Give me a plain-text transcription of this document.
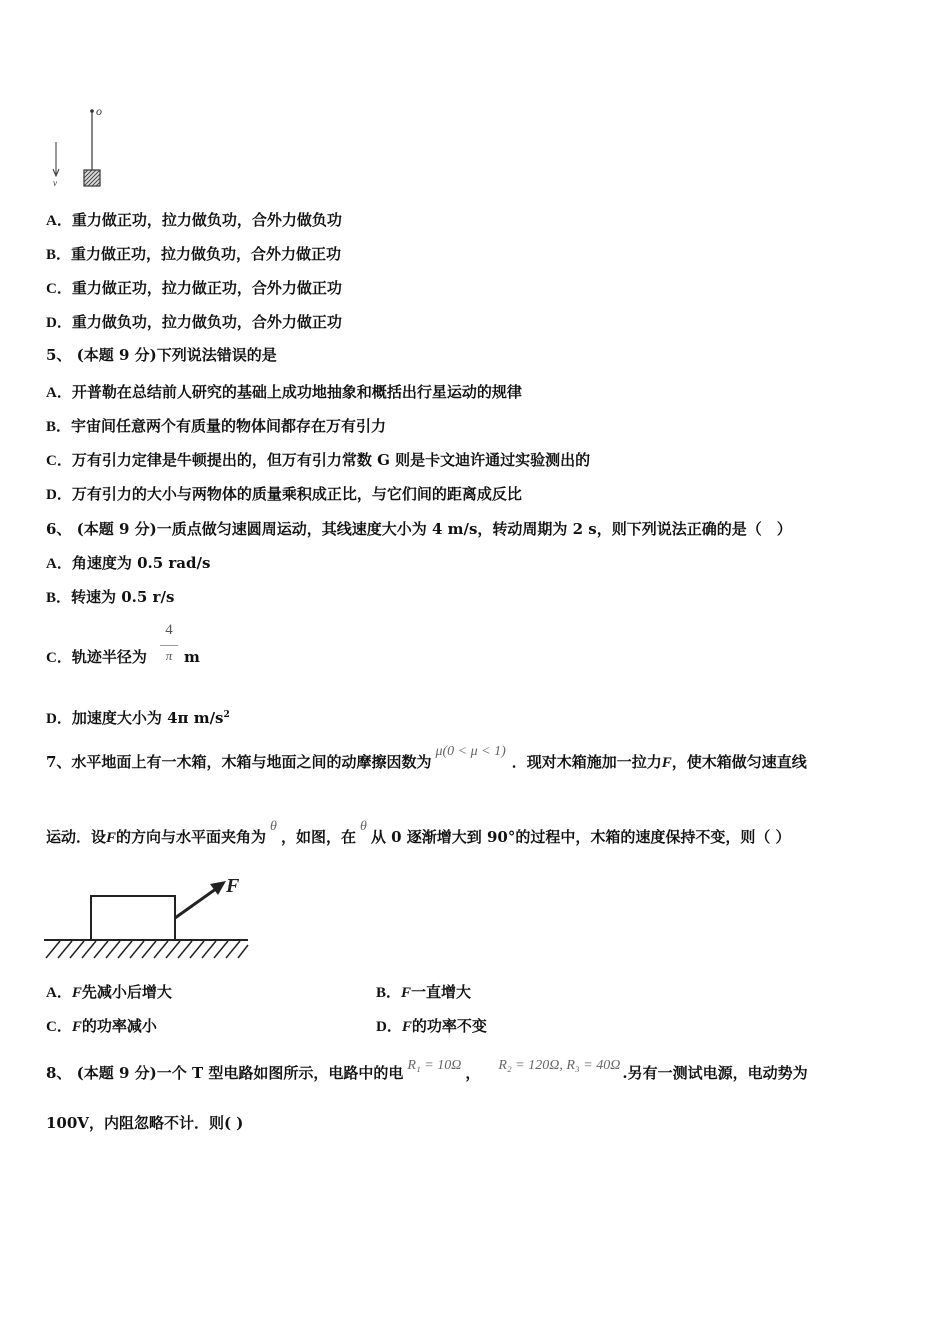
o
v
A．重力做正功，拉力做负功，合外力做负功
B．重力做正功，拉力做负功，合外力做正功
C．重力做正功，拉力做正功，合外力做正功
D．重力做负功，拉力做负功，合外力做正功
5、 (本题 9 分)下列说法错误的是
A．开普勒在总结前人研究的基础上成功地抽象和概括出行星运动的规律
B．宇宙间任意两个有质量的物体间都存在万有引力
C．万有引力定律是牛顿提出的，但万有引力常数 G 则是卡文迪许通过实验测出的
D．万有引力的大小与两物体的质量乘积成正比，与它们间的距离成反比
6、 (本题 9 分)一质点做匀速圆周运动，其线速度大小为 4 m/s，转动周期为 2 s，则下列说法正确的是（　）
A．角速度为 0.5 rad/s
B．转速为 0.5 r/s
C．轨迹半径为
4
π m
D．加速度大小为 4π $m/s^2$
7、水平地面上有一木箱，木箱与地面之间的动摩擦因数为μ(0 < μ < 1)．现对木箱施加一拉力F，使木箱做匀速直线
运动．设F的方向与水平面夹角为θ，如图，在θ从 0 逐渐增大到 90°的过程中，木箱的速度保持不变，则（ ）
F
A．F先减小后增大	B．F一直增大
C．F的功率减小	D．F的功率不变
8、 (本题 9 分)一个 T 型电路如图所示，电路中的电 R₁ = 10Ω ， R₂ = 120Ω, R₃ = 40Ω .另有一测试电源，电动势为
100V，内阻忽略不计．则( )
